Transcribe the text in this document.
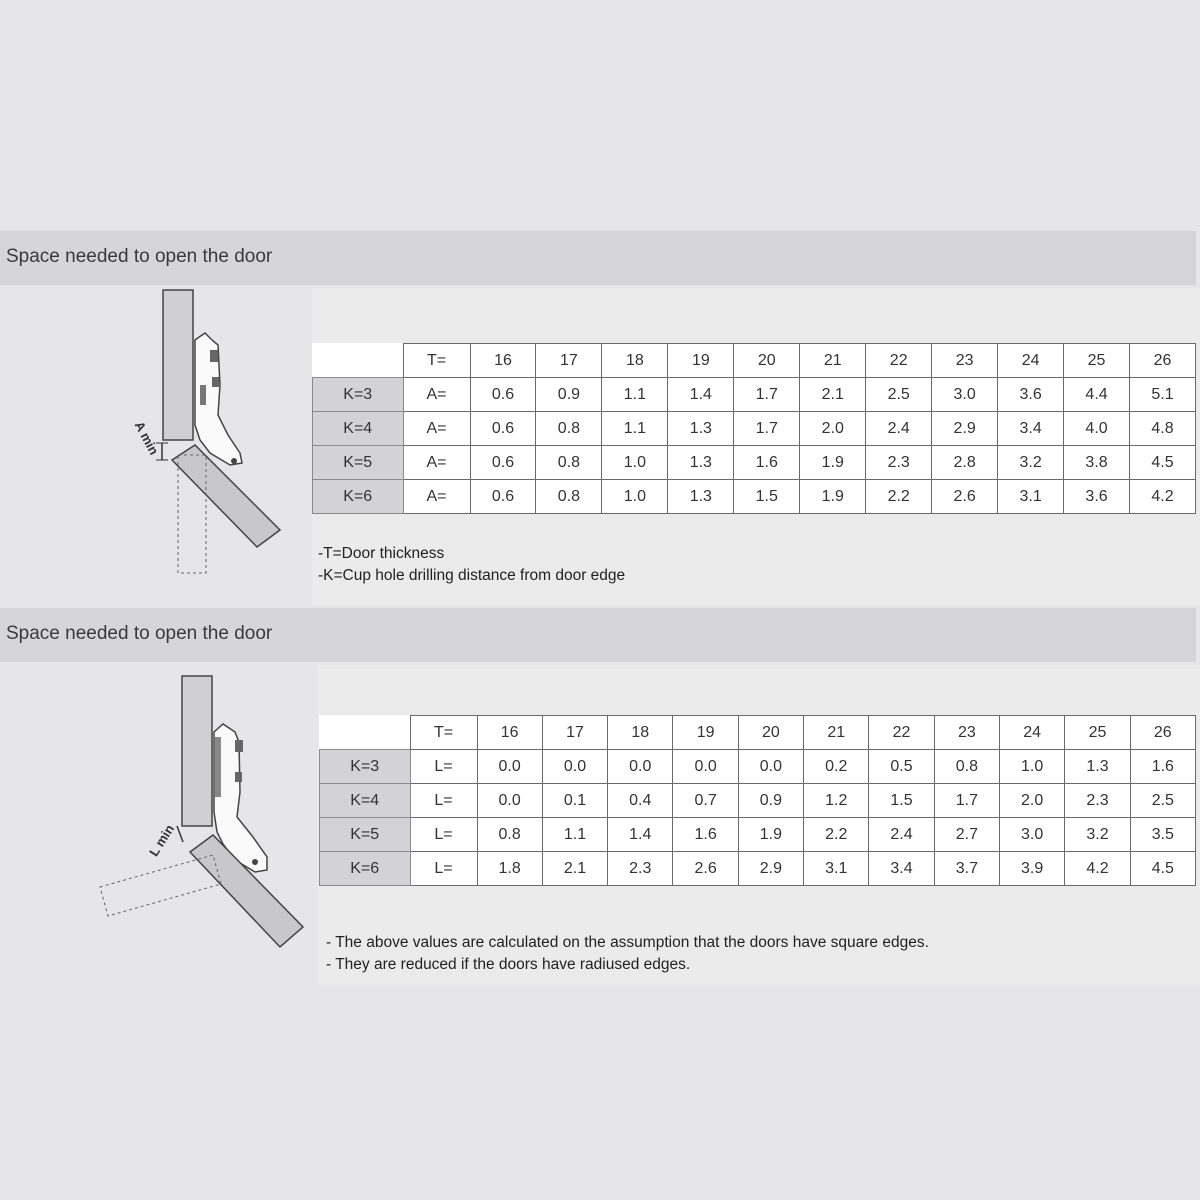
Space needed to open the door
A min
	T=	16	17	18	19	20	21	22	23	24	25	26
K=3	A=	0.6	0.9	1.1	1.4	1.7	2.1	2.5	3.0	3.6	4.4	5.1
K=4	A=	0.6	0.8	1.1	1.3	1.7	2.0	2.4	2.9	3.4	4.0	4.8
K=5	A=	0.6	0.8	1.0	1.3	1.6	1.9	2.3	2.8	3.2	3.8	4.5
K=6	A=	0.6	0.8	1.0	1.3	1.5	1.9	2.2	2.6	3.1	3.6	4.2
-T=Door thickness
-K=Cup hole drilling distance from door edge
Space needed to open the door
L min
	T=	16	17	18	19	20	21	22	23	24	25	26
K=3	L=	0.0	0.0	0.0	0.0	0.0	0.2	0.5	0.8	1.0	1.3	1.6
K=4	L=	0.0	0.1	0.4	0.7	0.9	1.2	1.5	1.7	2.0	2.3	2.5
K=5	L=	0.8	1.1	1.4	1.6	1.9	2.2	2.4	2.7	3.0	3.2	3.5
K=6	L=	1.8	2.1	2.3	2.6	2.9	3.1	3.4	3.7	3.9	4.2	4.5
- The above values are calculated on the assumption that the doors have square edges.
- They are reduced if the doors have radiused edges.
